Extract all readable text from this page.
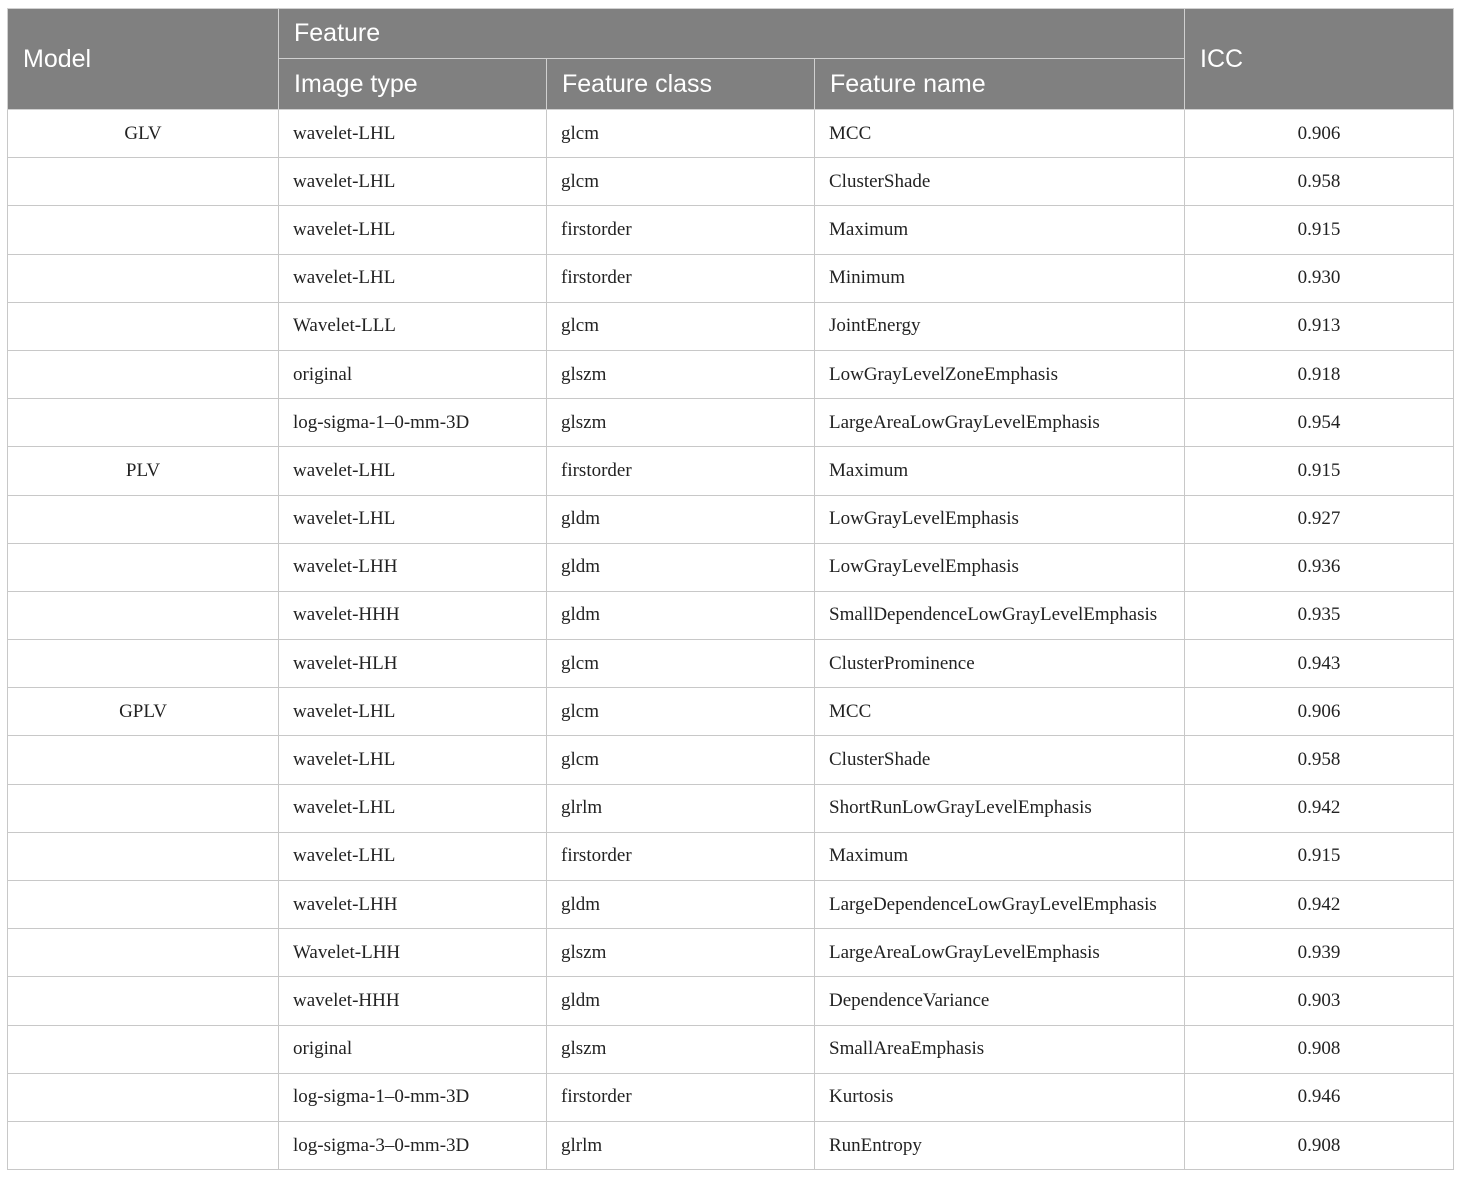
Model	Feature			ICC
	Image type	Feature class	Feature name	
GLV	wavelet-LHL	glcm	MCC	0.906
	wavelet-LHL	glcm	ClusterShade	0.958
	wavelet-LHL	firstorder	Maximum	0.915
	wavelet-LHL	firstorder	Minimum	0.930
	Wavelet-LLL	glcm	JointEnergy	0.913
	original	glszm	LowGrayLevelZoneEmphasis	0.918
	log-sigma-1–0-mm-3D	glszm	LargeAreaLowGrayLevelEmphasis	0.954
PLV	wavelet-LHL	firstorder	Maximum	0.915
	wavelet-LHL	gldm	LowGrayLevelEmphasis	0.927
	wavelet-LHH	gldm	LowGrayLevelEmphasis	0.936
	wavelet-HHH	gldm	SmallDependenceLowGrayLevelEmphasis	0.935
	wavelet-HLH	glcm	ClusterProminence	0.943
GPLV	wavelet-LHL	glcm	MCC	0.906
	wavelet-LHL	glcm	ClusterShade	0.958
	wavelet-LHL	glrlm	ShortRunLowGrayLevelEmphasis	0.942
	wavelet-LHL	firstorder	Maximum	0.915
	wavelet-LHH	gldm	LargeDependenceLowGrayLevelEmphasis	0.942
	Wavelet-LHH	glszm	LargeAreaLowGrayLevelEmphasis	0.939
	wavelet-HHH	gldm	DependenceVariance	0.903
	original	glszm	SmallAreaEmphasis	0.908
	log-sigma-1–0-mm-3D	firstorder	Kurtosis	0.946
	log-sigma-3–0-mm-3D	glrlm	RunEntropy	0.908
